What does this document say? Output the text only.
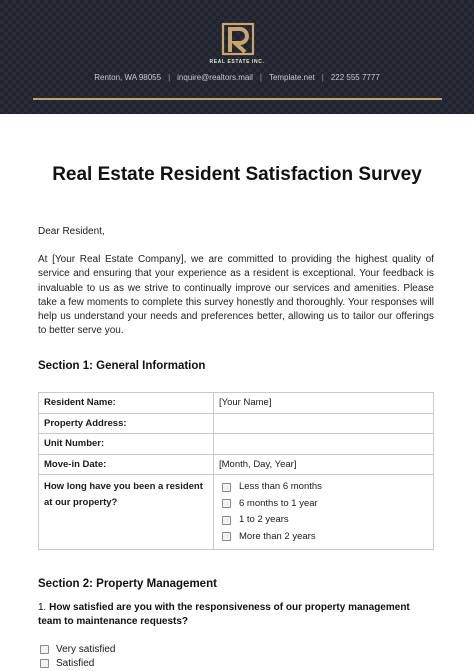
REAL ESTATE INC.
Renton, WA 98055 | inquire@realtors.mail | Template.net | 222 555 7777
Real Estate Resident Satisfaction Survey
Dear Resident,
At [Your Real Estate Company], we are committed to providing the highest quality of service and ensuring that your experience as a resident is exceptional. Your feedback is invaluable to us as we strive to continually improve our services and amenities. Please take a few moments to complete this survey honestly and thoroughly. Your responses will help us understand your needs and preferences better, allowing us to tailor our offerings to better serve you.
Section 1: General Information
Resident Name:	[Your Name]
Property Address:	
Unit Number:	
Move-in Date:	[Month, Day, Year]
How long have you been a resident at our property?	Less than 6 months
6 months to 1 year
1 to 2 years
More than 2 years
Section 2: Property Management
1. How satisfied are you with the responsiveness of our property management team to maintenance requests?
Very satisfied
Satisfied
